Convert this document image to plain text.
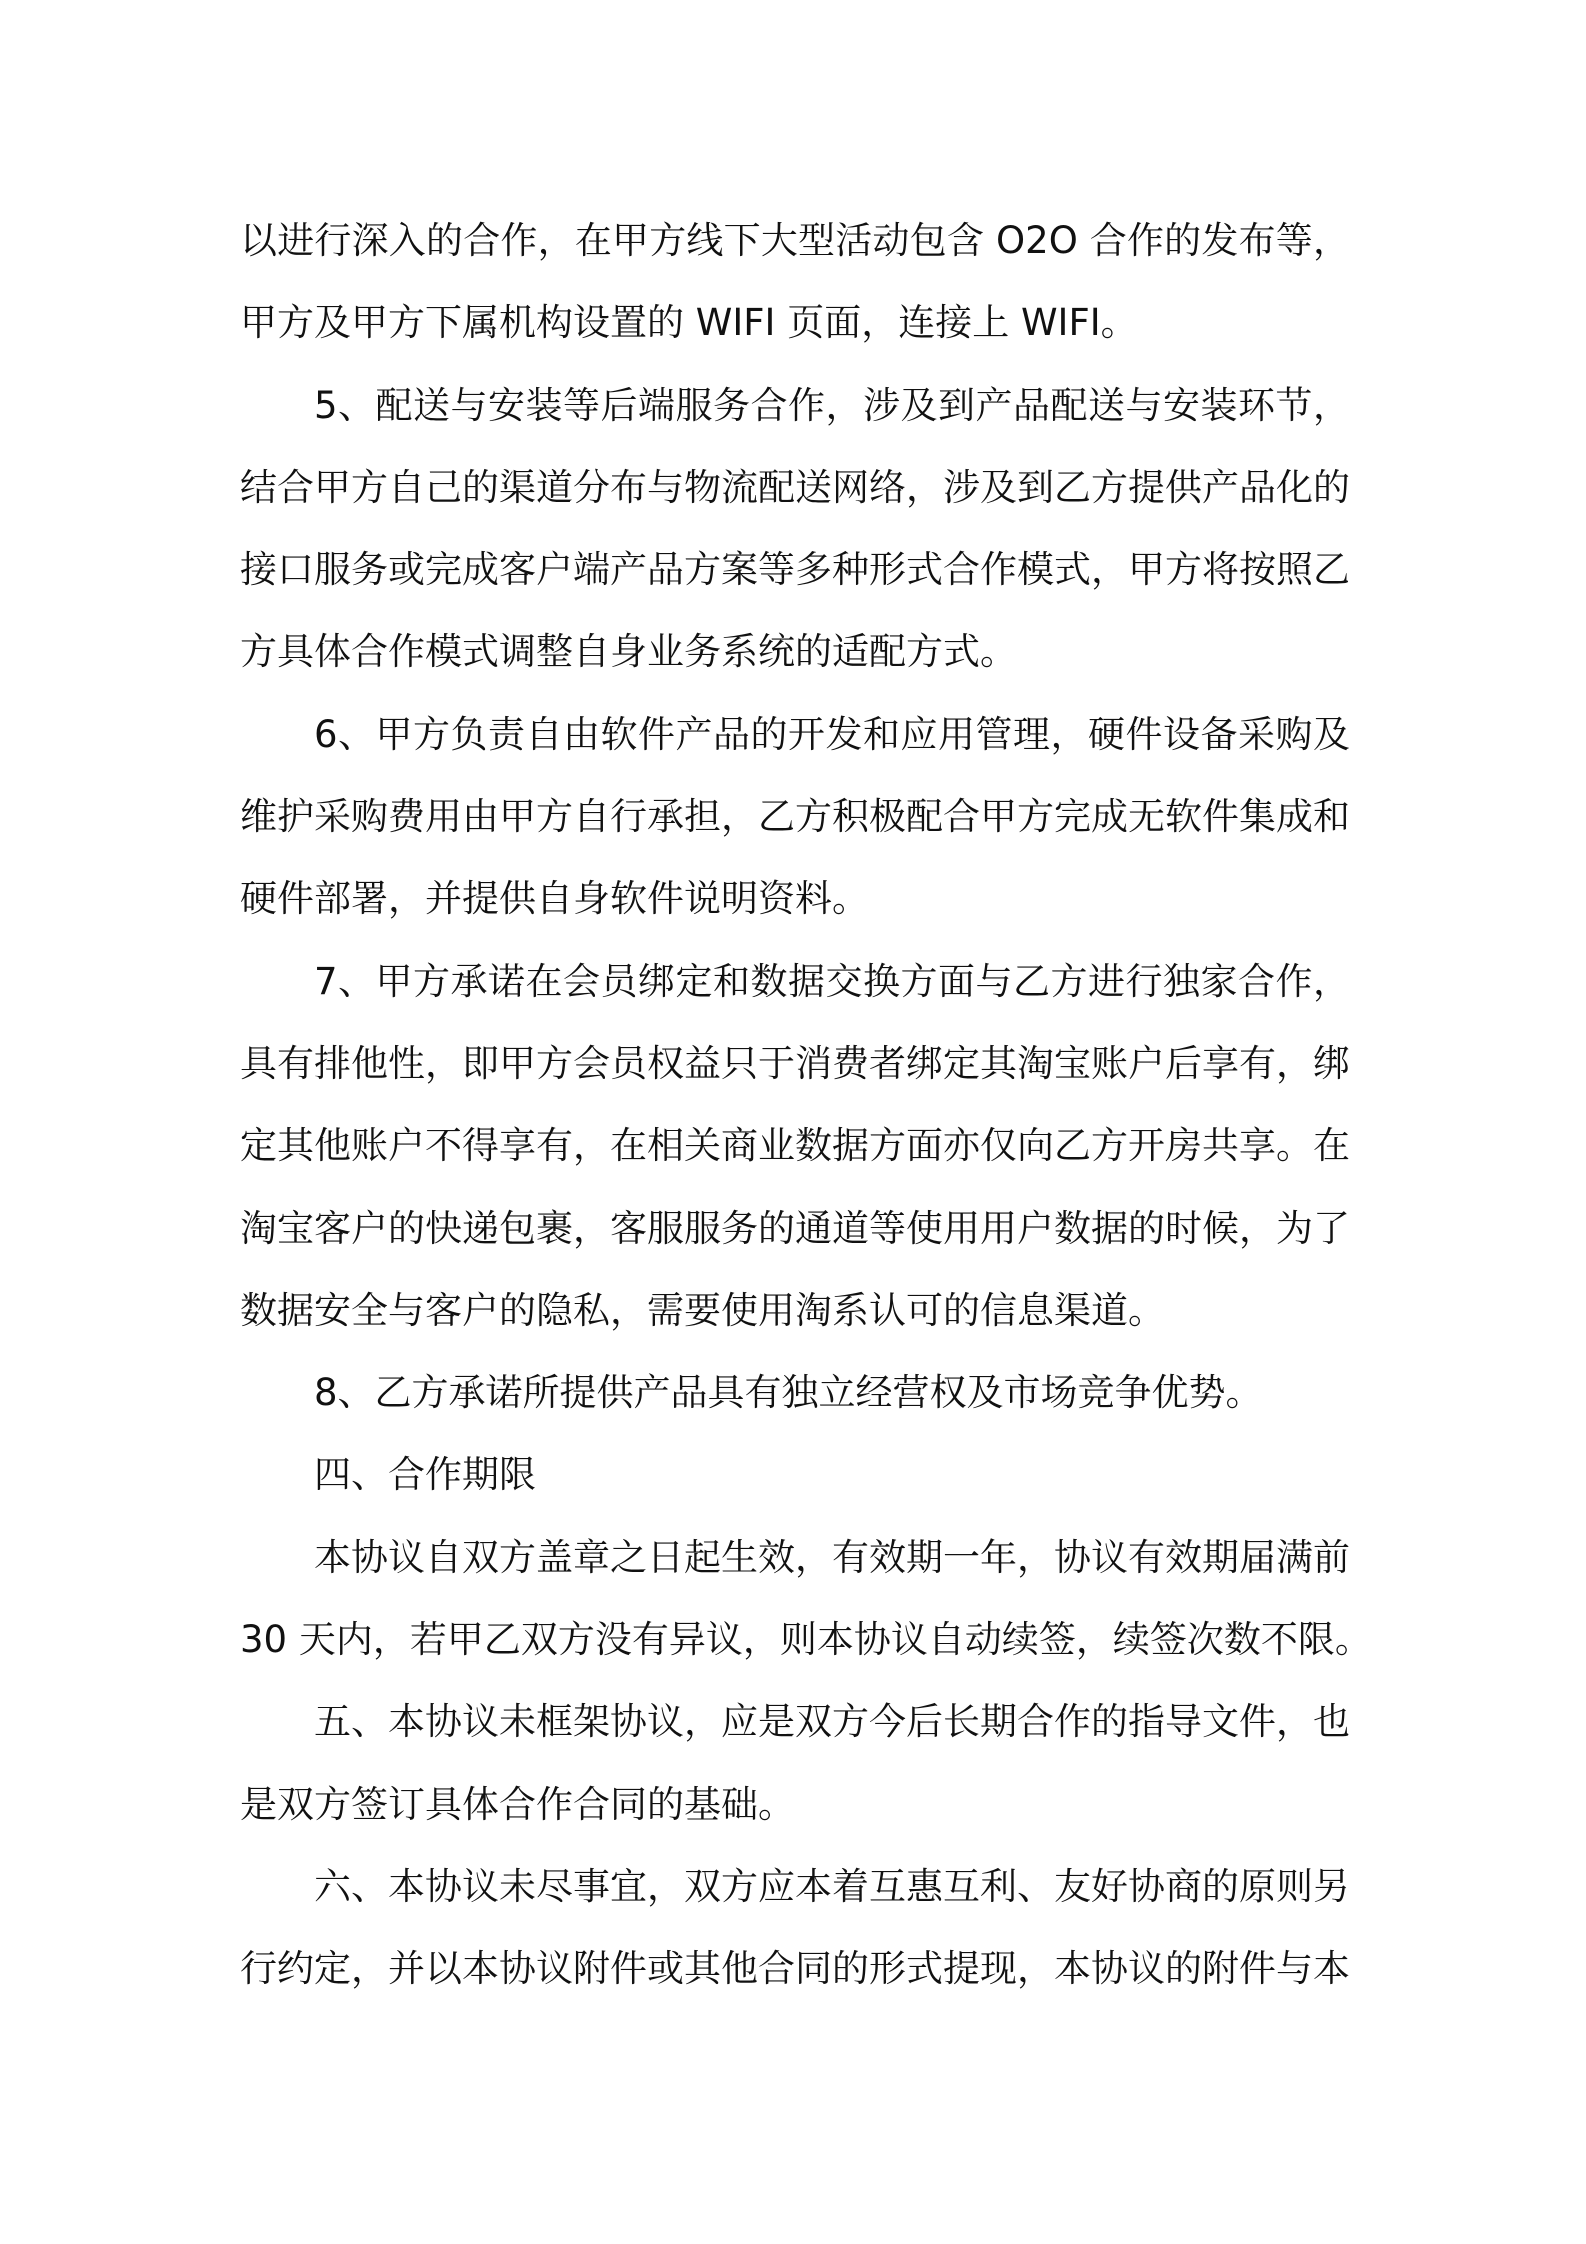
以进行深入的合作，在甲方线下大型活动包含 O2O 合作的发布等，
甲方及甲方下属机构设置的 WIFI 页面，连接上 WIFI。
5、配送与安装等后端服务合作，涉及到产品配送与安装环节，
结合甲方自己的渠道分布与物流配送网络，涉及到乙方提供产品化的
接口服务或完成客户端产品方案等多种形式合作模式，甲方将按照乙
方具体合作模式调整自身业务系统的适配方式。
6、甲方负责自由软件产品的开发和应用管理，硬件设备采购及
维护采购费用由甲方自行承担，乙方积极配合甲方完成无软件集成和
硬件部署，并提供自身软件说明资料。
7、甲方承诺在会员绑定和数据交换方面与乙方进行独家合作，
具有排他性，即甲方会员权益只于消费者绑定其淘宝账户后享有，绑
定其他账户不得享有，在相关商业数据方面亦仅向乙方开房共享。在
淘宝客户的快递包裹，客服服务的通道等使用用户数据的时候，为了
数据安全与客户的隐私，需要使用淘系认可的信息渠道。
8、乙方承诺所提供产品具有独立经营权及市场竞争优势。
四、合作期限
本协议自双方盖章之日起生效，有效期一年，协议有效期届满前
30 天内，若甲乙双方没有异议，则本协议自动续签，续签次数不限。
五、本协议未框架协议，应是双方今后长期合作的指导文件，也
是双方签订具体合作合同的基础。
六、本协议未尽事宜，双方应本着互惠互利、友好协商的原则另
行约定，并以本协议附件或其他合同的形式提现，本协议的附件与本
